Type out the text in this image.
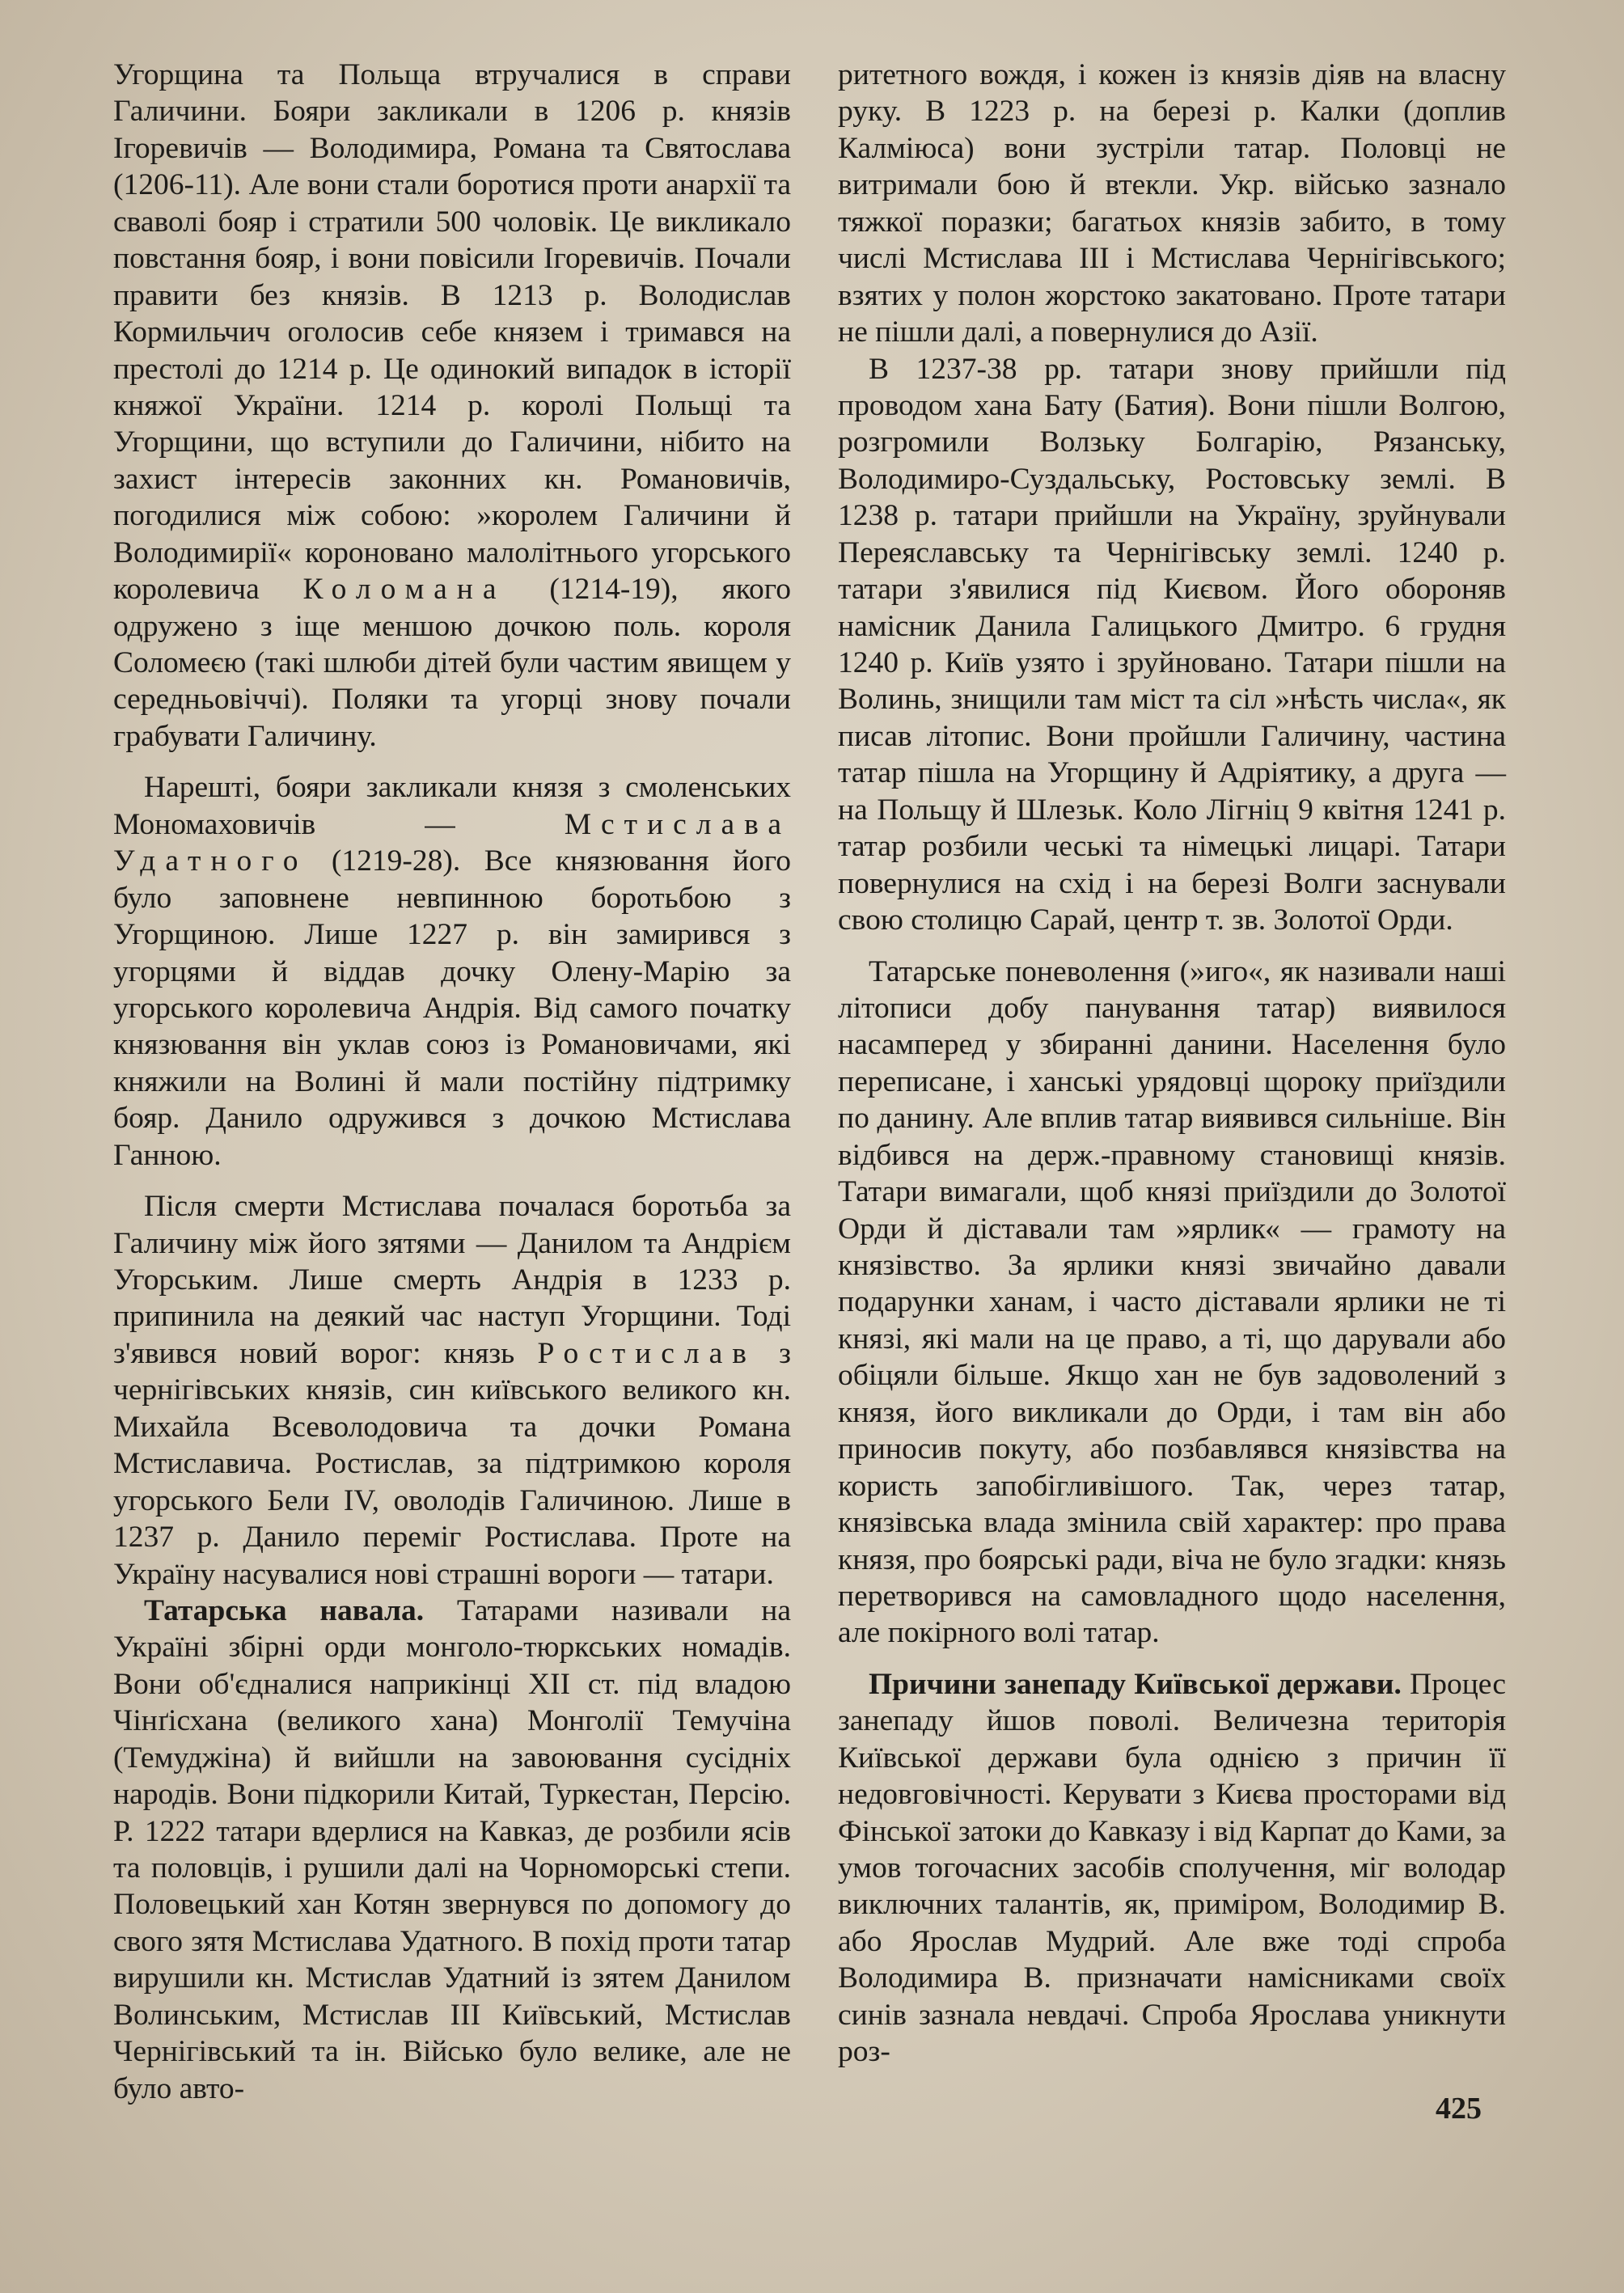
Угорщина та Польща втручалися в справи Галичини. Бояри закликали в 1206 р. князів Ігоревичів — Володимира, Романа та Святослава (1206-11). Але вони стали боротися проти анархії та сваволі бояр і стратили 500 чоловік. Це викликало повстання бояр, і вони повісили Ігоревичів. Почали правити без князів. В 1213 р. Володислав Кормильчич оголосив себе князем і тримався на престолі до 1214 р. Це одинокий випадок в історії княжої України. 1214 р. королі Польщі та Угорщини, що вступили до Галичини, нібито на захист інтересів законних кн. Романовичів, погодилися між собою: »королем Галичини й Володимирії« короновано малолітнього угорського королевича Коломана (1214-19), якого одружено з іще меншою дочкою поль. короля Соломеєю (такі шлюби дітей були частим явищем у середньовіччі). Поляки та угорці знову почали грабувати Галичину.

Нарешті, бояри закликали князя з смоленських Мономаховичів — Мстислава Удатного (1219-28). Все князювання його було заповнене невпинною боротьбою з Угорщиною. Лише 1227 р. він замирився з угорцями й віддав дочку Олену-Марію за угорського королевича Андрія. Від самого початку князювання він уклав союз із Романовичами, які княжили на Волині й мали постійну підтримку бояр. Данило одружився з дочкою Мстислава Ганною.

Після смерти Мстислава почалася боротьба за Галичину між його зятями — Данилом та Андрієм Угорським. Лише смерть Андрія в 1233 р. припинила на деякий час наступ Угорщини. Тоді з'явився новий ворог: князь Ростислав з чернігівських князів, син київського великого кн. Михайла Всеволодовича та дочки Романа Мстиславича. Ростислав, за підтримкою короля угорського Бели IV, оволодів Галичиною. Лише в 1237 р. Данило переміг Ростислава. Проте на Україну насувалися нові страшні вороги — татари.

Татарська навала. Татарами називали на Україні збірні орди монголо-тюркських номадів. Вони об'єдналися наприкінці XII ст. під владою Чінґісхана (великого хана) Монголії Темучіна (Темуджіна) й вийшли на завоювання сусідніх народів. Вони підкорили Китай, Туркестан, Персію. Р. 1222 татари вдерлися на Кавказ, де розбили ясів та половців, і рушили далі на Чорноморські степи. Половецький хан Котян звернувся по допомогу до свого зятя Мстислава Удатного. В похід проти татар вирушили кн. Мстислав Удатний із зятем Данилом Волинським, Мстислав III Київський, Мстислав Чернігівський та ін. Військо було велике, але не було авто-

ритетного вождя, і кожен із князів діяв на власну руку. В 1223 р. на березі р. Калки (доплив Калміюса) вони зустріли татар. Половці не витримали бою й втекли. Укр. військо зазнало тяжкої поразки; багатьох князів забито, в тому числі Мстислава III і Мстислава Чернігівського; взятих у полон жорстоко закатовано. Проте татари не пішли далі, а повернулися до Азії.

В 1237-38 рр. татари знову прийшли під проводом хана Бату (Батия). Вони пішли Волгою, розгромили Волзьку Болгарію, Рязанську, Володимиро-Суздальську, Ростовську землі. В 1238 р. татари прийшли на Україну, зруйнували Переяславську та Чернігівську землі. 1240 р. татари з'явилися під Києвом. Його обороняв намісник Данила Галицького Дмитро. 6 грудня 1240 р. Київ узято і зруйновано. Татари пішли на Волинь, знищили там міст та сіл »нѣсть числа«, як писав літопис. Вони пройшли Галичину, частина татар пішла на Угорщину й Адріятику, а друга — на Польщу й Шлезьк. Коло Лігніц 9 квітня 1241 р. татар розбили чеські та німецькі лицарі. Татари повернулися на схід і на березі Волги заснували свою столицю Сарай, центр т. зв. Золотої Орди.

Татарське поневолення (»иго«, як називали наші літописи добу панування татар) виявилося насамперед у збиранні данини. Населення було переписане, і ханські урядовці щороку приїздили по данину. Але вплив татар виявився сильніше. Він відбився на держ.-правному становищі князів. Татари вимагали, щоб князі приїздили до Золотої Орди й діставали там »ярлик« — грамоту на князівство. За ярлики князі звичайно давали подарунки ханам, і часто діставали ярлики не ті князі, які мали на це право, а ті, що дарували або обіцяли більше. Якщо хан не був задоволений з князя, його викликали до Орди, і там він або приносив покуту, або позбавлявся князівства на користь запобігливішого. Так, через татар, князівська влада змінила свій характер: про права князя, про боярські ради, віча не було згадки: князь перетворився на самовладного щодо населення, але покірного волі татар.

Причини занепаду Київської держави. Процес занепаду йшов поволі. Величезна територія Київської держави була однією з причин її недовговічності. Керувати з Києва просторами від Фінської затоки до Кавказу і від Карпат до Ками, за умов тогочасних засобів сполучення, міг володар виключних талантів, як, приміром, Володимир В. або Ярослав Мудрий. Але вже тоді спроба Володимира В. призначати намісниками своїх синів зазнала невдачі. Спроба Ярослава уникнути роз-

425
